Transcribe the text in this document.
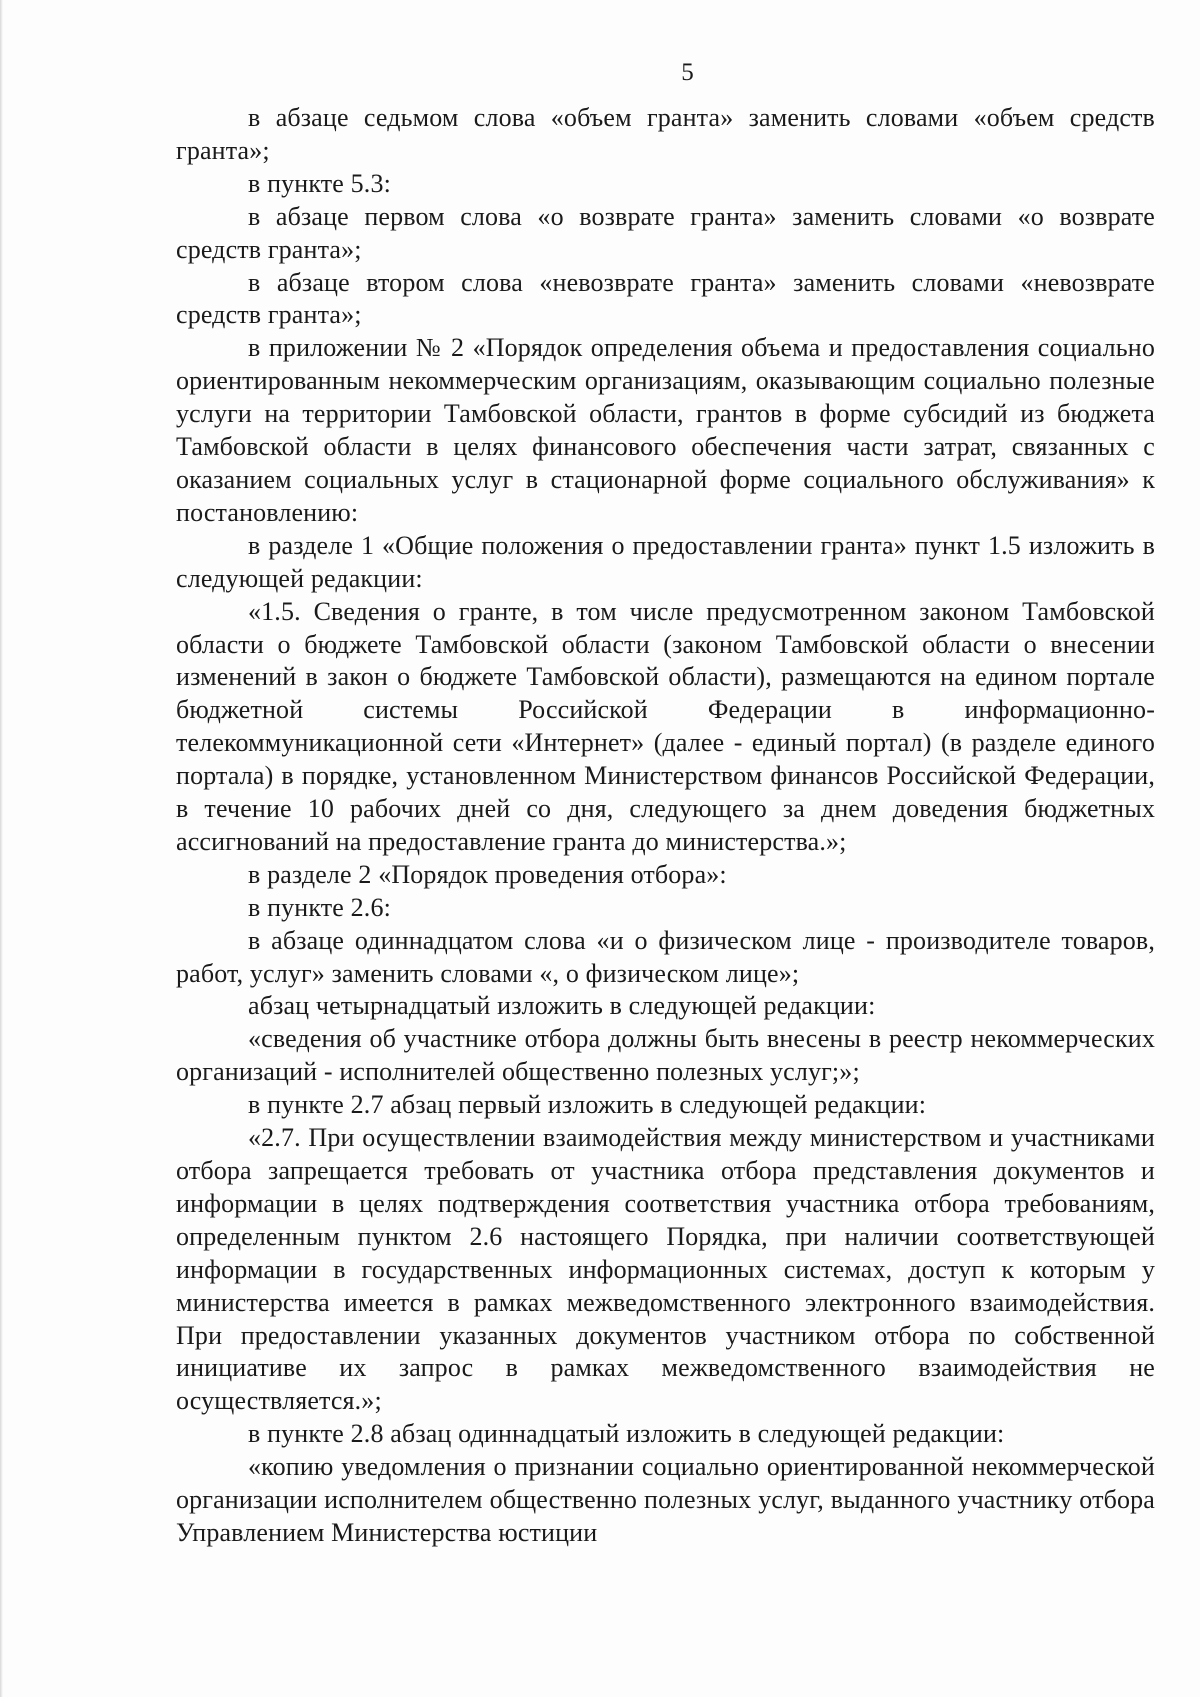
5

в абзаце седьмом слова «объем гранта» заменить словами «объем средств гранта»;

в пункте 5.3:

в абзаце первом слова «о возврате гранта» заменить словами «о возврате средств гранта»;

в абзаце втором слова «невозврате гранта» заменить словами «невозврате средств гранта»;

в приложении № 2 «Порядок определения объема и предоставления социально ориентированным некоммерческим организациям, оказывающим социально полезные услуги на территории Тамбовской области, грантов в форме субсидий из бюджета Тамбовской области в целях финансового обеспечения части затрат, связанных с оказанием социальных услуг в стационарной форме социального обслуживания» к постановлению:

в разделе 1 «Общие положения о предоставлении гранта» пункт 1.5 изложить в следующей редакции:

«1.5. Сведения о гранте, в том числе предусмотренном законом Тамбовской области о бюджете Тамбовской области (законом Тамбовской области о внесении изменений в закон о бюджете Тамбовской области), размещаются на едином портале бюджетной системы Российской Федерации в информационно-телекоммуникационной сети «Интернет» (далее - единый портал) (в разделе единого портала) в порядке, установленном Министерством финансов Российской Федерации, в течение 10 рабочих дней со дня, следующего за днем доведения бюджетных ассигнований на предоставление гранта до министерства.»;

в разделе 2 «Порядок проведения отбора»:

в пункте 2.6:

в абзаце одиннадцатом слова «и о физическом лице - производителе товаров, работ, услуг» заменить словами «, о физическом лице»;

абзац четырнадцатый изложить в следующей редакции:

«сведения об участнике отбора должны быть внесены в реестр некоммерческих организаций - исполнителей общественно полезных услуг;»;

в пункте 2.7 абзац первый изложить в следующей редакции:

«2.7. При осуществлении взаимодействия между министерством и участниками отбора запрещается требовать от участника отбора представления документов и информации в целях подтверждения соответствия участника отбора требованиям, определенным пунктом 2.6 настоящего Порядка, при наличии соответствующей информации в государственных информационных системах, доступ к которым у министерства имеется в рамках межведомственного электронного взаимодействия. При предоставлении указанных документов участником отбора по собственной инициативе их запрос в рамках межведомственного взаимодействия не осуществляется.»;

в пункте 2.8 абзац одиннадцатый изложить в следующей редакции:

«копию уведомления о признании социально ориентированной некоммерческой организации исполнителем общественно полезных услуг, выданного участнику отбора Управлением Министерства юстиции
